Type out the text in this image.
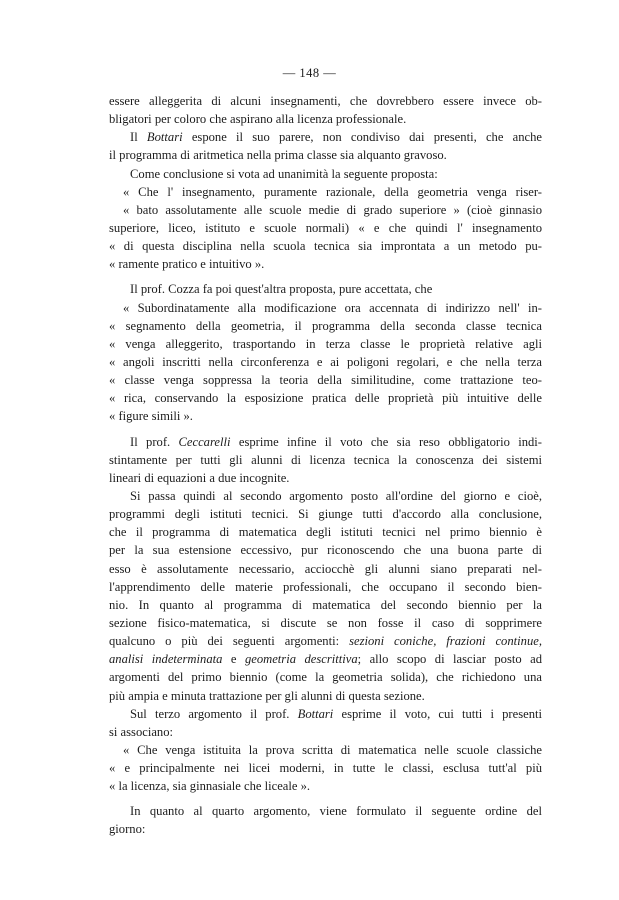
— 148 —
essere alleggerita di alcuni insegnamenti, che dovrebbero essere invece ob-
bligatori per coloro che aspirano alla licenza professionale.
Il Bottari espone il suo parere, non condiviso dai presenti, che anche
il programma di aritmetica nella prima classe sia alquanto gravoso.
Come conclusione si vota ad unanimità la seguente proposta:
« Che l' insegnamento, puramente razionale, della geometria venga riser-
« bato assolutamente alle scuole medie di grado superiore » (cioè ginnasio
superiore, liceo, istituto e scuole normali) « e che quindi l' insegnamento
« di questa disciplina nella scuola tecnica sia improntata a un metodo pu-
« ramente pratico e intuitivo ».
Il prof. Cozza fa poi quest'altra proposta, pure accettata, che
« Subordinatamente alla modificazione ora accennata di indirizzo nell' in-
« segnamento della geometria, il programma della seconda classe tecnica
« venga alleggerito, trasportando in terza classe le proprietà relative agli
« angoli inscritti nella circonferenza e ai poligoni regolari, e che nella terza
« classe venga soppressa la teoria della similitudine, come trattazione teo-
« rica, conservando la esposizione pratica delle proprietà più intuitive delle
« figure simili ».
Il prof. Ceccarelli esprime infine il voto che sia reso obbligatorio indi-
stintamente per tutti gli alunni di licenza tecnica la conoscenza dei sistemi
lineari di equazioni a due incognite.
Si passa quindi al secondo argomento posto all'ordine del giorno e cioè,
programmi degli istituti tecnici. Si giunge tutti d'accordo alla conclusione,
che il programma di matematica degli istituti tecnici nel primo biennio è
per la sua estensione eccessivo, pur riconoscendo che una buona parte di
esso è assolutamente necessario, acciocchè gli alunni siano preparati nel-
l'apprendimento delle materie professionali, che occupano il secondo bien-
nio. In quanto al programma di matematica del secondo biennio per la
sezione fisico-matematica, si discute se non fosse il caso di sopprimere
qualcuno o più dei seguenti argomenti: sezioni coniche, frazioni continue,
analisi indeterminata e geometria descrittiva; allo scopo di lasciar posto ad
argomenti del primo biennio (come la geometria solida), che richiedono una
più ampia e minuta trattazione per gli alunni di questa sezione.
Sul terzo argomento il prof. Bottari esprime il voto, cui tutti i presenti
si associano:
« Che venga istituita la prova scritta di matematica nelle scuole classiche
« e principalmente nei licei moderni, in tutte le classi, esclusa tutt'al più
« la licenza, sia ginnasiale che liceale ».
In quanto al quarto argomento, viene formulato il seguente ordine del
giorno:
